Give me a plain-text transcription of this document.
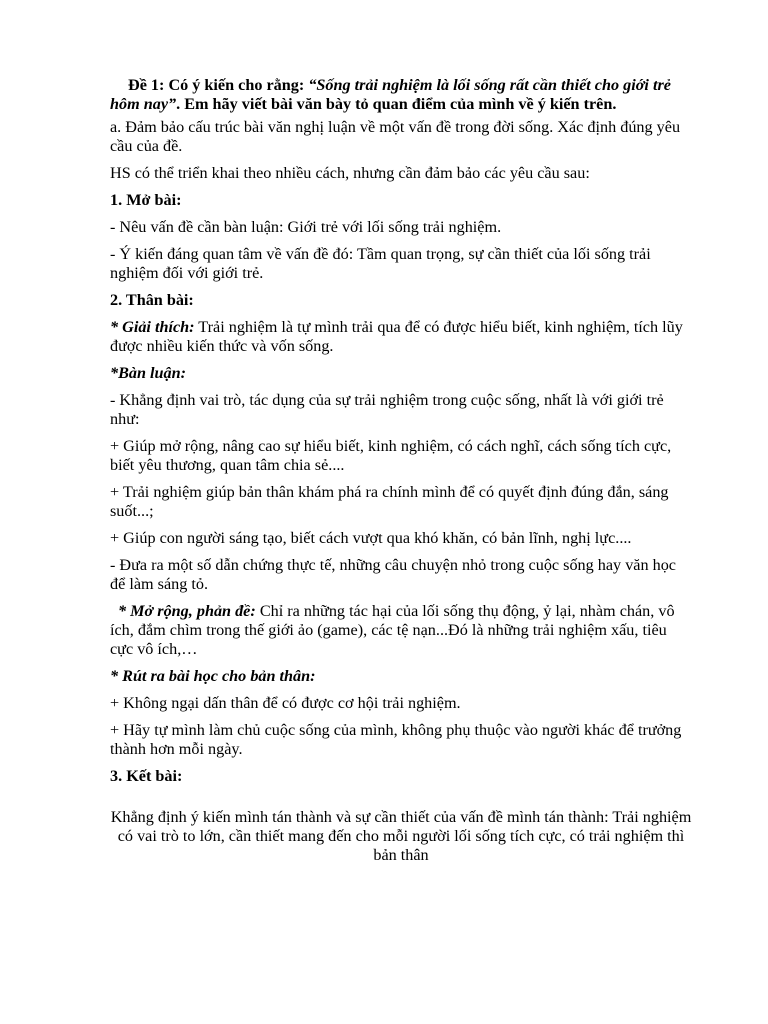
Đề 1: Có ý kiến cho rằng: “Sống trải nghiệm là lối sống rất cần thiết cho giới trẻ hôm nay”. Em hãy viết bài văn bày tỏ quan điểm của mình về ý kiến trên.

a. Đảm bảo cấu trúc bài văn nghị luận về một vấn đề trong đời sống. Xác định đúng yêu cầu của đề.

HS có thể triển khai theo nhiều cách, nhưng cần đảm bảo các yêu cầu sau:

1. Mở bài:

- Nêu vấn đề cần bàn luận: Giới trẻ với lối sống trải nghiệm.

- Ý kiến đáng quan tâm về vấn đề đó: Tầm quan trọng, sự cần thiết của lối sống trải nghiệm đối với giới trẻ.

2. Thân bài:

* Giải thích: Trải nghiệm là tự mình trải qua để có được hiểu biết, kinh nghiệm, tích lũy được nhiều kiến thức và vốn sống.

*Bàn luận:

- Khẳng định vai trò, tác dụng của sự trải nghiệm trong cuộc sống, nhất là với giới trẻ như:

+ Giúp mở rộng, nâng cao sự hiểu biết, kinh nghiệm, có cách nghĩ, cách sống tích cực, biết yêu thương, quan tâm chia sẻ....

+ Trải nghiệm giúp bản thân khám phá ra chính mình để có quyết định đúng đắn, sáng suốt...;

+ Giúp con người sáng tạo, biết cách vượt qua khó khăn, có bản lĩnh, nghị lực....

- Đưa ra một số dẫn chứng thực tế, những câu chuyện nhỏ trong cuộc sống hay văn học để làm sáng tỏ.

* Mở rộng, phản đề: Chỉ ra những tác hại của lối sống thụ động, ỷ lại, nhàm chán, vô ích, đắm chìm trong thế giới ảo (game), các tệ nạn...Đó là những trải nghiệm xấu, tiêu cực vô ích,…

* Rút ra bài học cho bản thân:

+ Không ngại dấn thân để có được cơ hội trải nghiệm.

+ Hãy tự mình làm chủ cuộc sống của mình, không phụ thuộc vào người khác để trưởng thành hơn mỗi ngày.

3. Kết bài:

Khẳng định ý kiến mình tán thành và sự cần thiết của vấn đề mình tán thành: Trải nghiệm có vai trò to lớn, cần thiết mang đến cho mỗi người lối sống tích cực, có trải nghiệm thì bản thân
